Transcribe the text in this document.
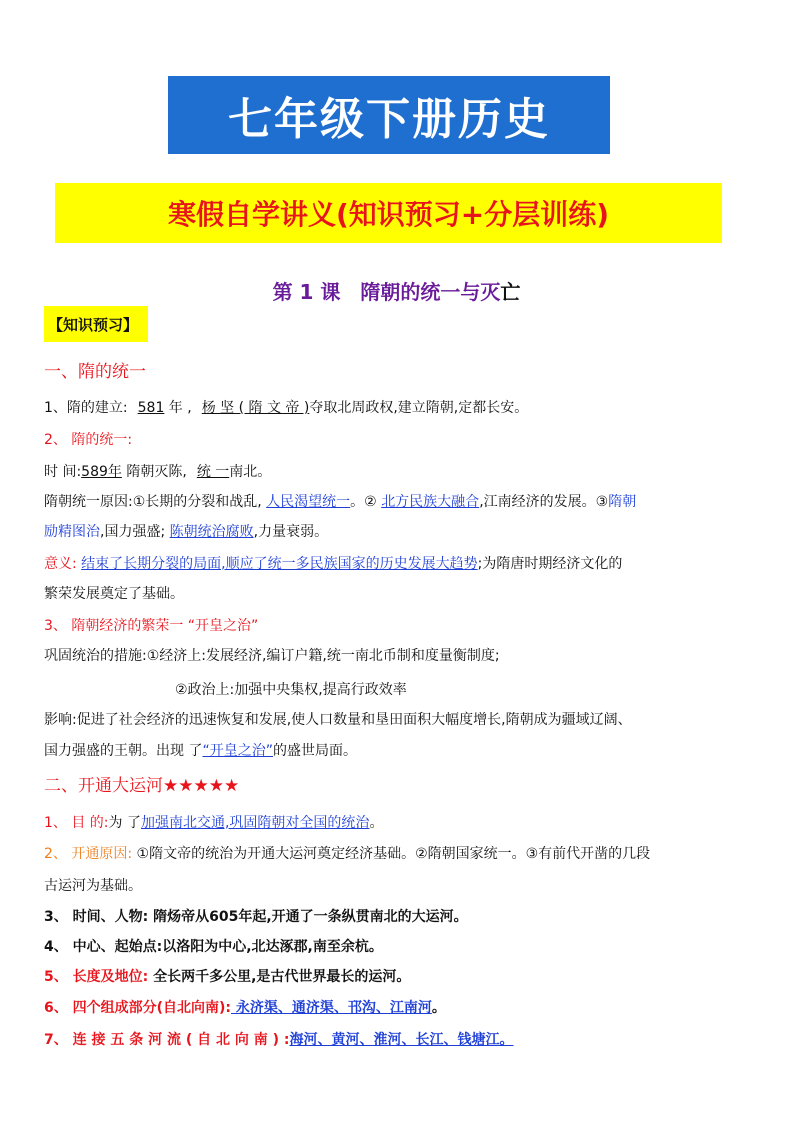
七年级下册历史
寒假自学讲义(知识预习+分层训练)
第 1 课 隋朝的统一与灭亡
【知识预习】
一、隋的统一
1、隋的建立: 581 年 , 杨 坚 ( 隋 文 帝 )夺取北周政权,建立隋朝,定都长安。
2、 隋的统一:
时 间:589年 隋朝灭陈, 统 一南北。
隋朝统一原因:①长期的分裂和战乱, 人民渴望统一。② 北方民族大融合,江南经济的发展。③隋朝
励精图治,国力强盛; 陈朝统治腐败,力量衰弱。
意义: 结束了长期分裂的局面,顺应了统一多民族国家的历史发展大趋势;为隋唐时期经济文化的
繁荣发展奠定了基础。
3、 隋朝经济的繁荣一 “开皇之治”
巩固统治的措施:①经济上:发展经济,编订户籍,统一南北币制和度量衡制度;
②政治上:加强中央集权,提高行政效率
影响:促进了社会经济的迅速恢复和发展,使人口数量和垦田面积大幅度增长,隋朝成为疆域辽阔、
国力强盛的王朝。出现 了“开皇之治”的盛世局面。
二、开通大运河★★★★★
1、 目 的:为 了加强南北交通,巩固隋朝对全国的统治。
2、 开通原因: ①隋文帝的统治为开通大运河奠定经济基础。②隋朝国家统一。③有前代开凿的几段
古运河为基础。
3、 时间、人物: 隋炀帝从605年起,开通了一条纵贯南北的大运河。
4、 中心、起始点:以洛阳为中心,北达涿郡,南至余杭。
5、 长度及地位: 全长两千多公里,是古代世界最长的运河。
6、 四个组成部分(自北向南): 永济渠、通济渠、邗沟、江南河。
7、 连 接 五 条 河 流 ( 自 北 向 南 ) :海河、黄河、淮河、长江、钱塘江。
